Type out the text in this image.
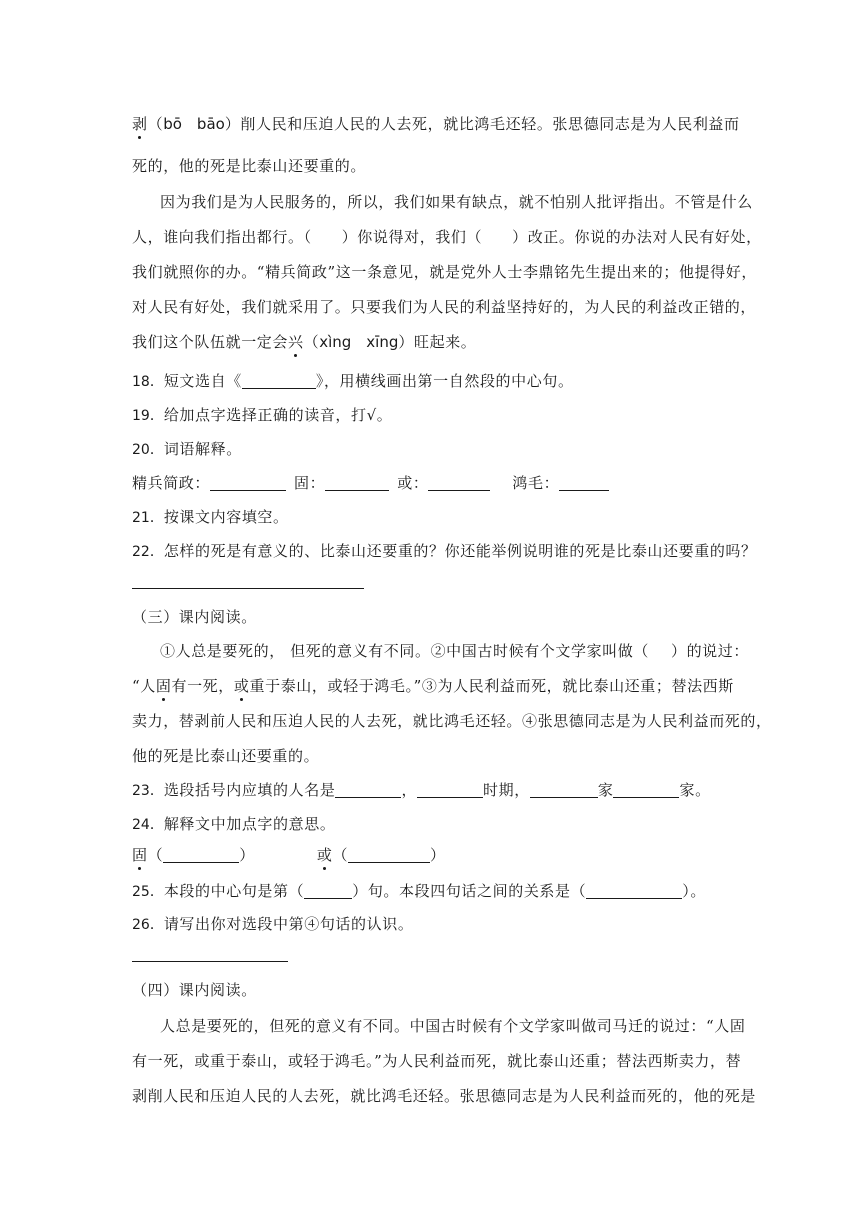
剥（bō　bāo）削人民和压迫人民的人去死，就比鸿毛还轻。张思德同志是为人民利益而
死的，他的死是比泰山还要重的。
因为我们是为人民服务的，所以，我们如果有缺点，就不怕别人批评指出。不管是什么
人，谁向我们指出都行。（ ）你说得对，我们（ ）改正。你说的办法对人民有好处，
我们就照你的办。“精兵简政”这一条意见，就是党外人士李鼎铭先生提出来的；他提得好，
对人民有好处，我们就采用了。只要我们为人民的利益坚持好的，为人民的利益改正错的，
我们这个队伍就一定会兴（xìng　xīng）旺起来。
18．短文选自《	》，用横线画出第一自然段的中心句。
19．给加点字选择正确的读音，打√。
20．词语解释。
精兵简政：	固：	或：	鸿毛：
21．按课文内容填空。
22．怎样的死是有意义的、比泰山还要重的？你还能举例说明谁的死是比泰山还要重的吗？
（三）课内阅读。
①人总是要死的， 但死的意义有不同。②中国古时候有个文学家叫做（ ）的说过：
“人固有一死，或重于泰山，或轻于鸿毛。”③为人民利益而死，就比泰山还重；替法西斯
卖力，替剥前人民和压迫人民的人去死，就比鸿毛还轻。④张思德同志是为人民利益而死的，
他的死是比泰山还要重的。
23．选段括号内应填的人名是	，	时期，	家	家。
24．解释文中加点字的意思。
固（	）	或（	）
25．本段的中心句是第（	）句。本段四句话之间的关系是（	）。
26．请写出你对选段中第④句话的认识。
（四）课内阅读。
人总是要死的，但死的意义有不同。中国古时候有个文学家叫做司马迁的说过：“人固
有一死，或重于泰山，或轻于鸿毛。”为人民利益而死，就比泰山还重；替法西斯卖力，替
剥削人民和压迫人民的人去死，就比鸿毛还轻。张思德同志是为人民利益而死的，他的死是
